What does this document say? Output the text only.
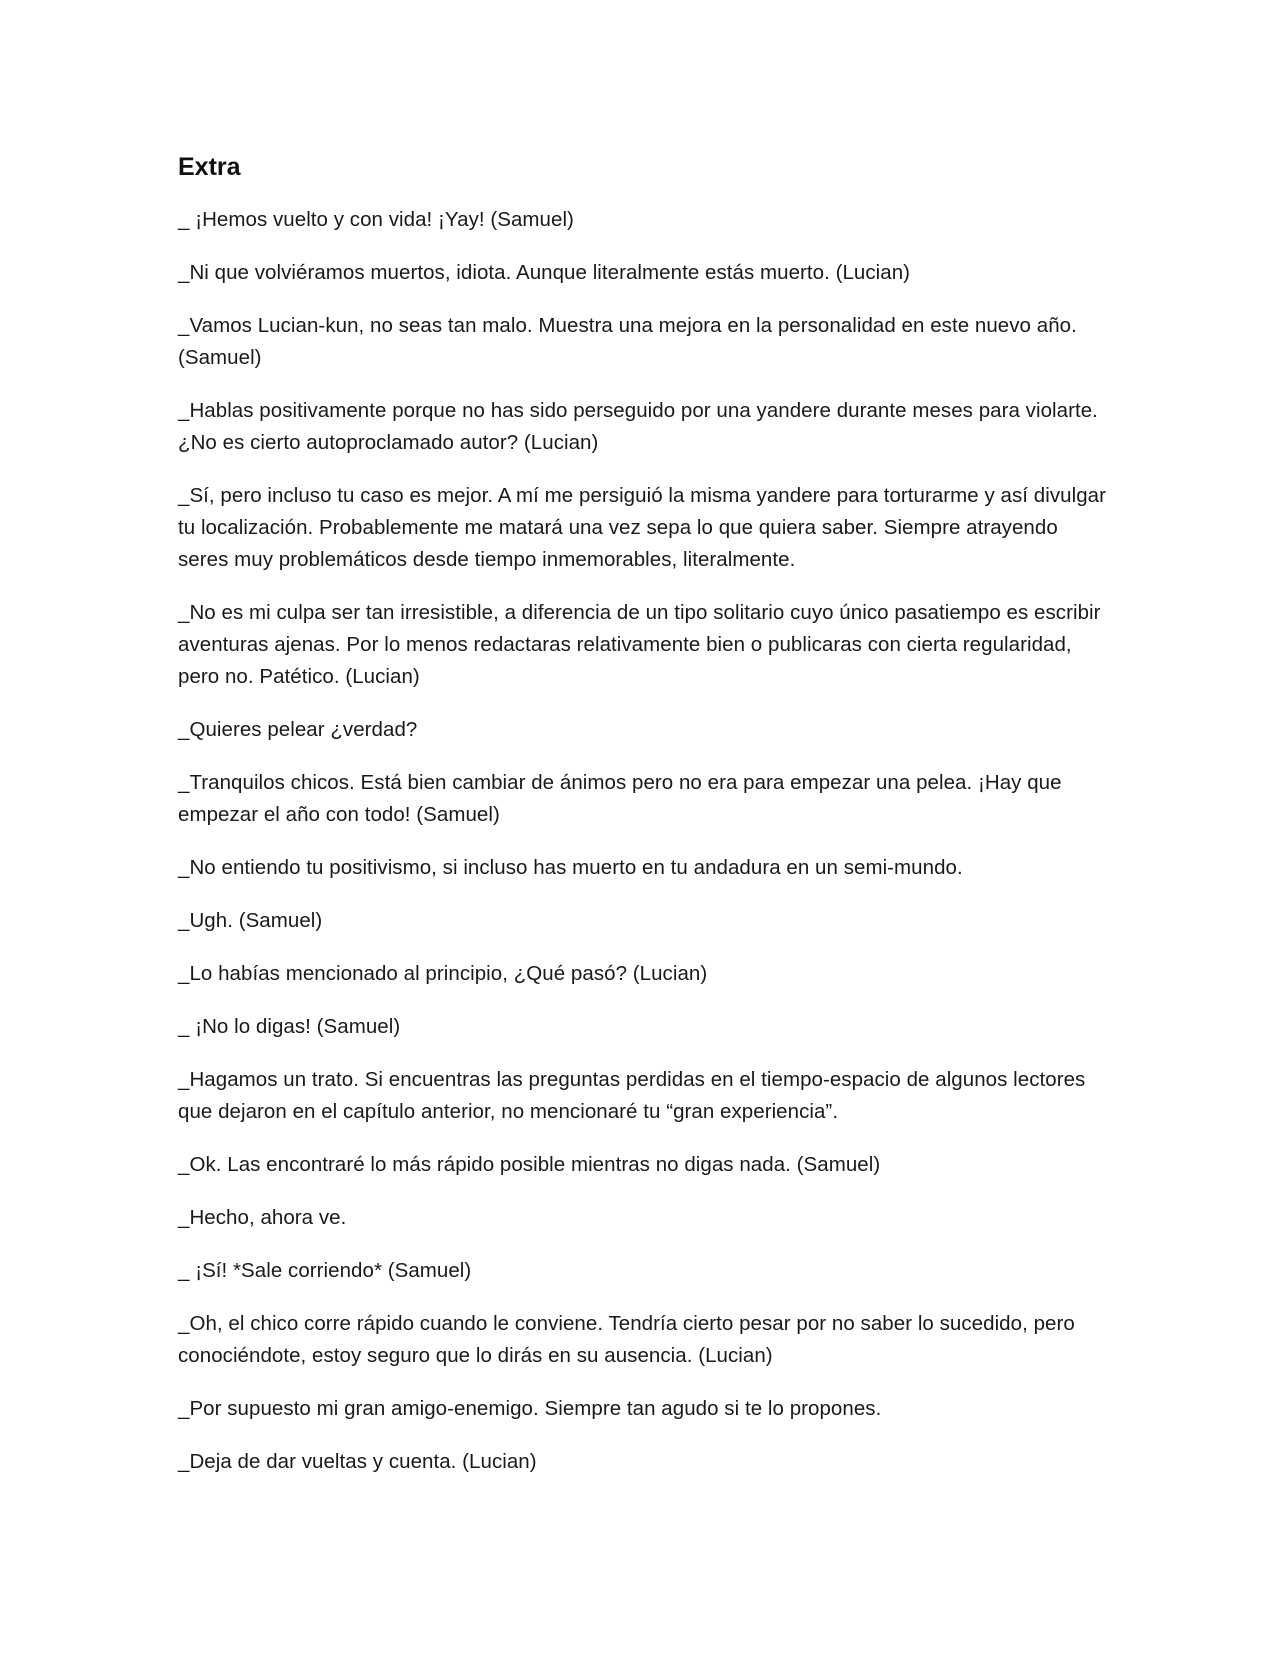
Extra

_ ¡Hemos vuelto y con vida! ¡Yay! (Samuel)

_Ni que volviéramos muertos, idiota. Aunque literalmente estás muerto. (Lucian)

_Vamos Lucian-kun, no seas tan malo. Muestra una mejora en la personalidad en este nuevo año. (Samuel)

_Hablas positivamente porque no has sido perseguido por una yandere durante meses para violarte. ¿No es cierto autoproclamado autor? (Lucian)

_Sí, pero incluso tu caso es mejor. A mí me persiguió la misma yandere para torturarme y así divulgar tu localización. Probablemente me matará una vez sepa lo que quiera saber. Siempre atrayendo seres muy problemáticos desde tiempo inmemorables, literalmente.

_No es mi culpa ser tan irresistible, a diferencia de un tipo solitario cuyo único pasatiempo es escribir aventuras ajenas. Por lo menos redactaras relativamente bien o publicaras con cierta regularidad, pero no. Patético. (Lucian)

_Quieres pelear ¿verdad?

_Tranquilos chicos. Está bien cambiar de ánimos pero no era para empezar una pelea. ¡Hay que empezar el año con todo! (Samuel)

_No entiendo tu positivismo, si incluso has muerto en tu andadura en un semi-mundo.

_Ugh. (Samuel)

_Lo habías mencionado al principio, ¿Qué pasó? (Lucian)

_ ¡No lo digas! (Samuel)

_Hagamos un trato. Si encuentras las preguntas perdidas en el tiempo-espacio de algunos lectores que dejaron en el capítulo anterior, no mencionaré tu “gran experiencia”.

_Ok. Las encontraré lo más rápido posible mientras no digas nada. (Samuel)

_Hecho, ahora ve.

_ ¡Sí! *Sale corriendo* (Samuel)

_Oh, el chico corre rápido cuando le conviene. Tendría cierto pesar por no saber lo sucedido, pero conociéndote, estoy seguro que lo dirás en su ausencia. (Lucian)

_Por supuesto mi gran amigo-enemigo. Siempre tan agudo si te lo propones.

_Deja de dar vueltas y cuenta. (Lucian)
